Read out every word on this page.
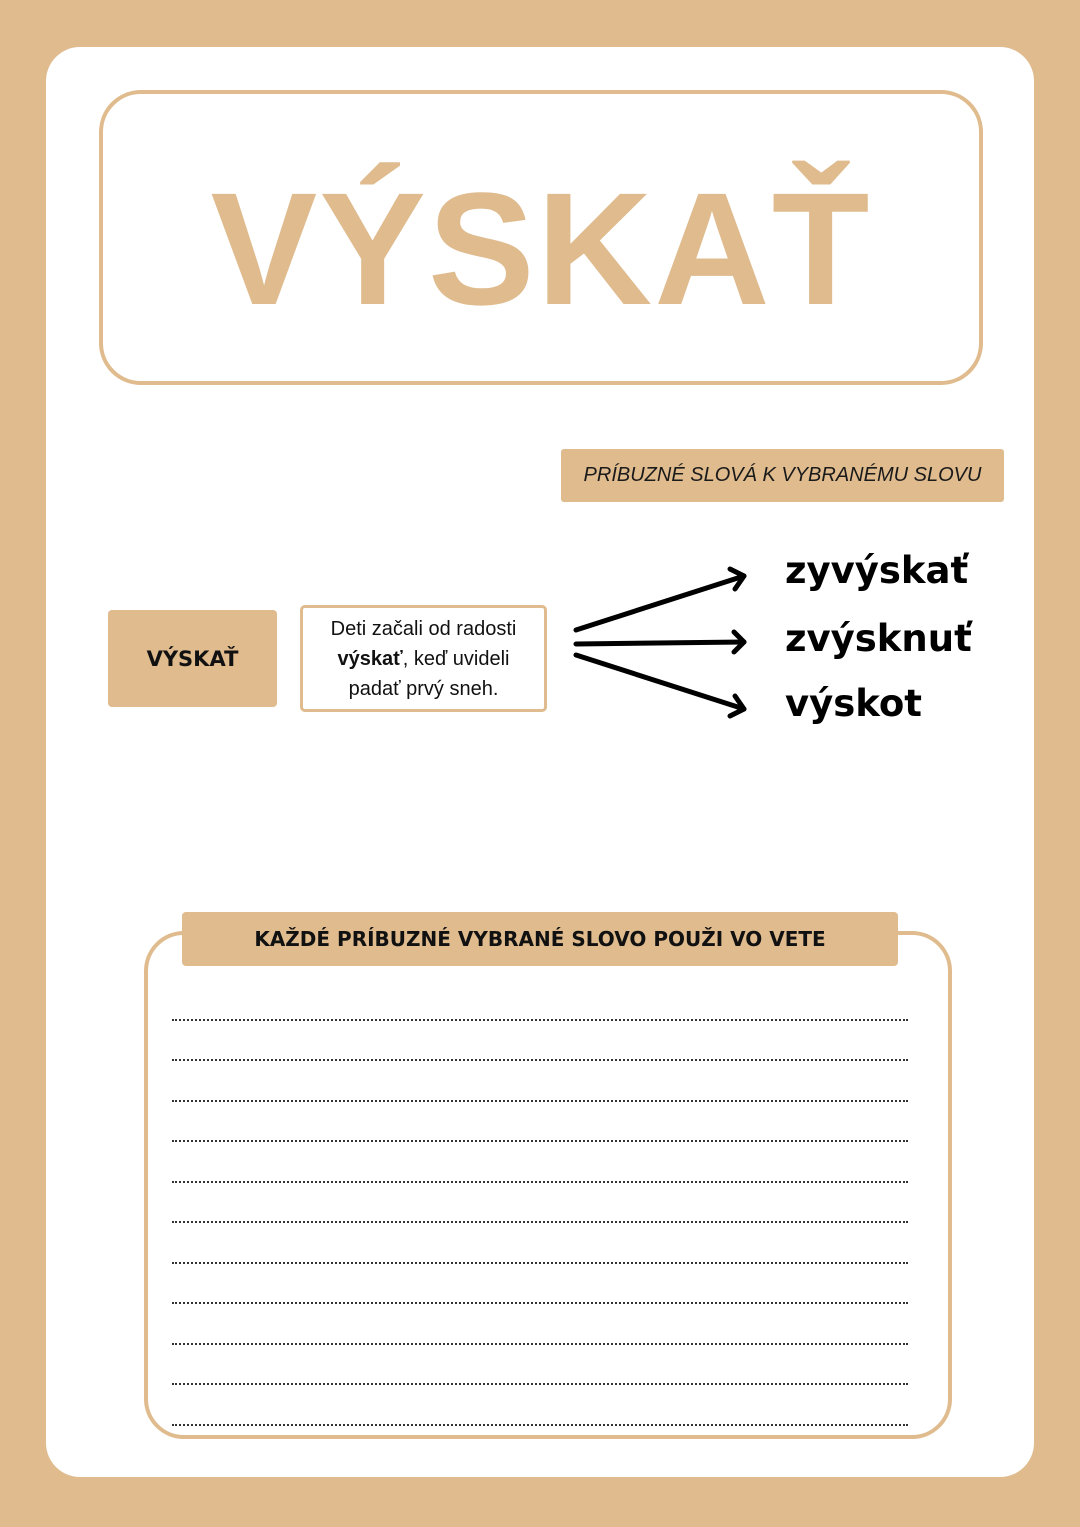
VÝSKAŤ
PRÍBUZNÉ SLOVÁ K VYBRANÉMU SLOVU
VÝSKAŤ
Deti začali od radosti výskať, keď uvideli padať prvý sneh.
zyvýskať
zvýsknuť
výskot
KAŽDÉ PRÍBUZNÉ VYBRANÉ SLOVO POUŽI VO VETE
